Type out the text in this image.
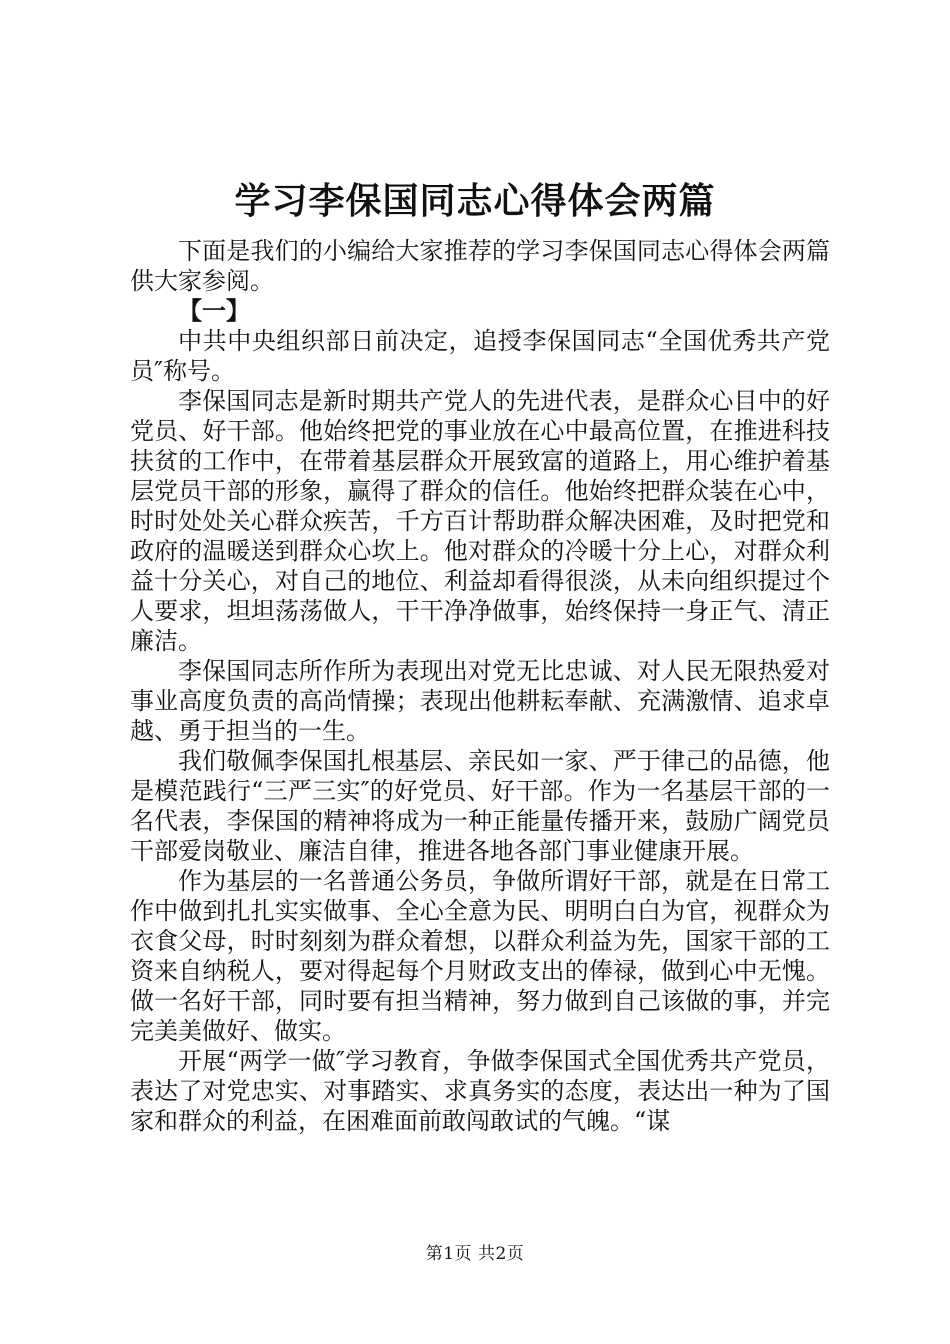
学习李保国同志心得体会两篇

下面是我们的小编给大家推荐的学习李保国同志心得体会两篇供大家参阅。

【一】

中共中央组织部日前决定，追授李保国同志“全国优秀共产党员″称号。

李保国同志是新时期共产党人的先进代表，是群众心目中的好党员、好干部。他始终把党的事业放在心中最高位置，在推进科技扶贫的工作中，在带着基层群众开展致富的道路上，用心维护着基层党员干部的形象，赢得了群众的信任。他始终把群众装在心中，时时处处关心群众疾苦，千方百计帮助群众解决困难，及时把党和政府的温暖送到群众心坎上。他对群众的冷暖十分上心，对群众利益十分关心，对自己的地位、利益却看得很淡，从未向组织提过个人要求，坦坦荡荡做人，干干净净做事，始终保持一身正气、清正廉洁。

李保国同志所作所为表现出对党无比忠诚、对人民无限热爱对事业高度负责的高尚情操；表现出他耕耘奉献、充满激情、追求卓越、勇于担当的一生。

我们敬佩李保国扎根基层、亲民如一家、严于律己的品德，他是模范践行“三严三实″的好党员、好干部。作为一名基层干部的一名代表，李保国的精神将成为一种正能量传播开来，鼓励广阔党员干部爱岗敬业、廉洁自律，推进各地各部门事业健康开展。

作为基层的一名普通公务员，争做所谓好干部，就是在日常工作中做到扎扎实实做事、全心全意为民、明明白白为官，视群众为衣食父母，时时刻刻为群众着想，以群众利益为先，国家干部的工资来自纳税人，要对得起每个月财政支出的俸禄，做到心中无愧。做一名好干部，同时要有担当精神，努力做到自己该做的事，并完完美美做好、做实。

开展“两学一做″学习教育，争做李保国式全国优秀共产党员，表达了对党忠实、对事踏实、求真务实的态度，表达出一种为了国家和群众的利益，在困难面前敢闯敢试的气魄。“谋

第1页 共2页
